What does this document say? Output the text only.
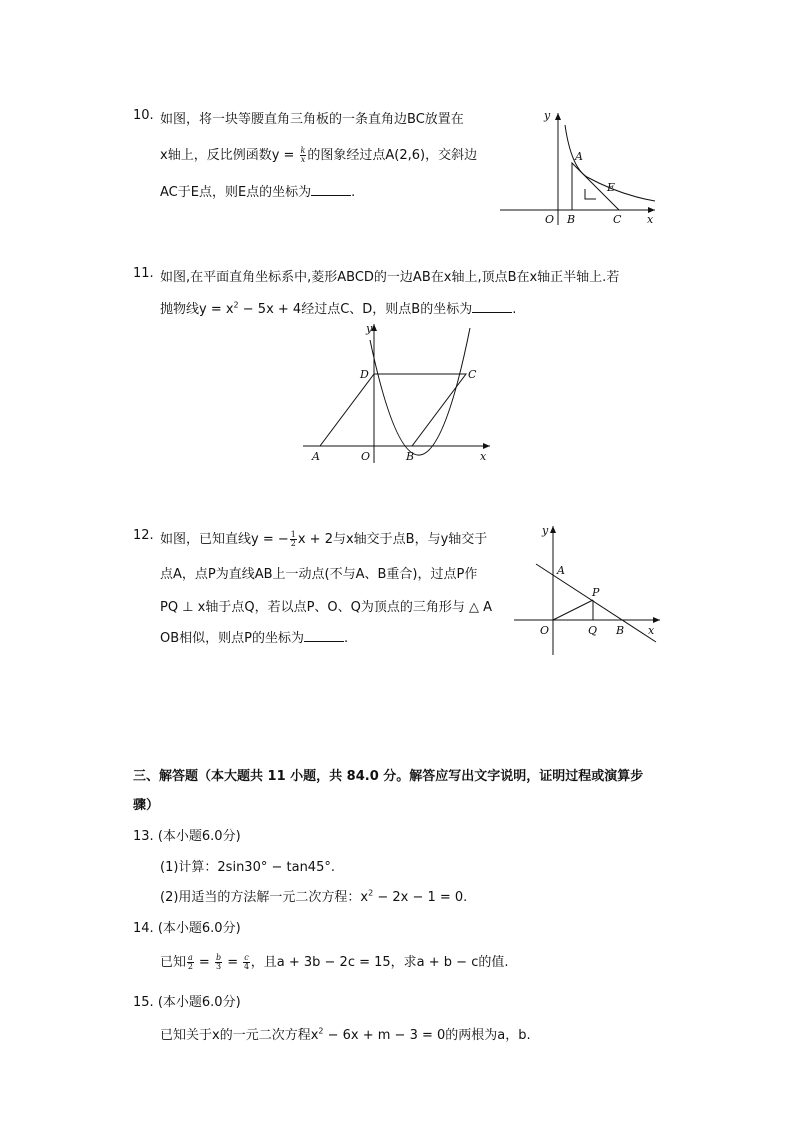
10. 如图，将一块等腰直角三角板的一条直角边BC放置在
x轴上，反比例函数$y = \frac{k}{x}$ 的图象经过点A(2,6)，交斜边
AC于E点，则E点的坐标为	.
y
A
E
O B	C x
11. 如图,在平面直角坐标系中,菱形ABCD的一边AB在x轴上,顶点B在x轴正半轴上.若
抛物线$y = x^2 - 5x + 4$经过点C、D，则点B的坐标为	.
y
D	C
A	O	B	x
12. 如图，已知直线y = − $\frac{1}{2}$ x + 2与x轴交于点B，与y轴交于
点A，点P为直线AB上一动点(不与A、B重合)，过点P作
PQ ⊥ x轴于点Q，若以点P、O、Q为顶点的三角形与 △ A
OB相似，则点P的坐标为	.
y
A
P
O	Q B x
三、解答题（本大题共 11 小题，共 84.0 分。解答应写出文字说明，证明过程或演算步
骤）
13. (本小题6.0分)
(1)计算：2sin30° − tan45°.
(2)用适当的方法解一元二次方程：$x^2 - 2x - 1 = 0$.
14. (本小题6.0分)
已知 $\frac{a}{2} = \frac{b}{3} = \frac{c}{4}$ ，且a + 3b − 2c = 15，求a + b − c的值.
15. (本小题6.0分)
已知关于x的一元二次方程$x^2 - 6x + m - 3 = 0$的两根为a，b.
